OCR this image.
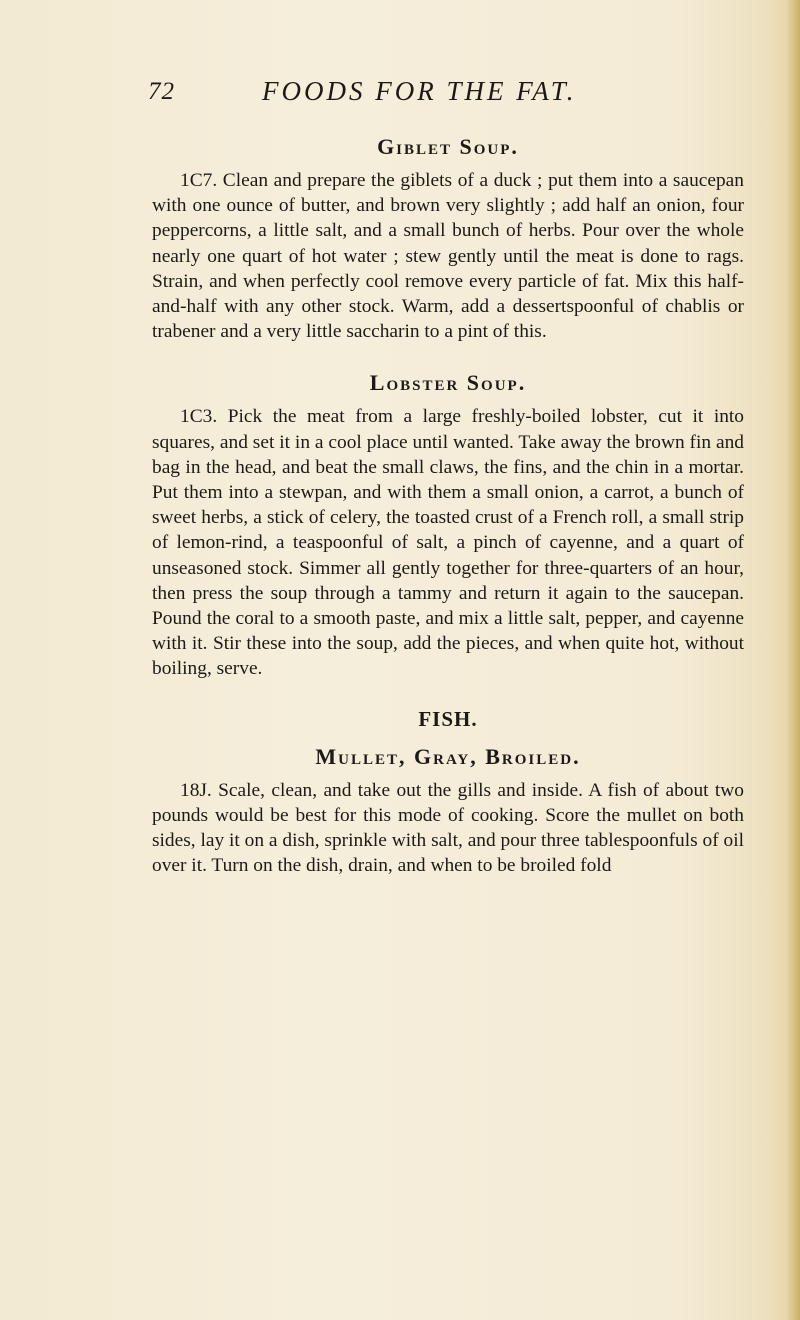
72	FOODS FOR THE FAT.
Giblet Soup.

1C7. Clean and prepare the giblets of a duck ; put them into a saucepan with one ounce of butter, and brown very slightly ; add half an onion, four peppercorns, a little salt, and a small bunch of herbs. Pour over the whole nearly one quart of hot water ; stew gently until the meat is done to rags. Strain, and when perfectly cool remove every particle of fat. Mix this half-and-half with any other stock. Warm, add a dessertspoonful of chablis or trabener and a very little saccharin to a pint of this.

Lobster Soup.

1C3. Pick the meat from a large freshly-boiled lobster, cut it into squares, and set it in a cool place until wanted. Take away the brown fin and bag in the head, and beat the small claws, the fins, and the chin in a mortar. Put them into a stewpan, and with them a small onion, a carrot, a bunch of sweet herbs, a stick of celery, the toasted crust of a French roll, a small strip of lemon-rind, a teaspoonful of salt, a pinch of cayenne, and a quart of unseasoned stock. Simmer all gently together for three-quarters of an hour, then press the soup through a tammy and return it again to the saucepan. Pound the coral to a smooth paste, and mix a little salt, pepper, and cayenne with it. Stir these into the soup, add the pieces, and when quite hot, without boiling, serve.

FISH.
Mullet, Gray, Broiled.

18J. Scale, clean, and take out the gills and inside. A fish of about two pounds would be best for this mode of cooking. Score the mullet on both sides, lay it on a dish, sprinkle with salt, and pour three tablespoonfuls of oil over it. Turn on the dish, drain, and when to be broiled fold
